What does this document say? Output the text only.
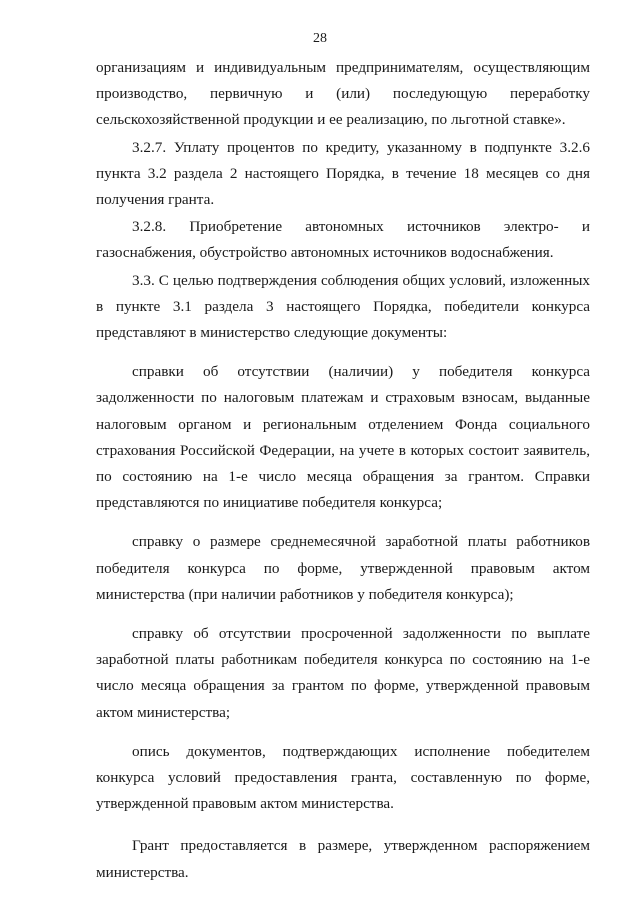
28

организациям и индивидуальным предпринимателям, осуществляющим производство, первичную и (или) последующую переработку сельскохозяйственной продукции и ее реализацию, по льготной ставке».

3.2.7. Уплату процентов по кредиту, указанному в подпункте 3.2.6 пункта 3.2 раздела 2 настоящего Порядка, в течение 18 месяцев со дня получения гранта.

3.2.8. Приобретение автономных источников электро- и газоснабжения, обустройство автономных источников водоснабжения.

3.3. С целью подтверждения соблюдения общих условий, изложенных в пункте 3.1 раздела 3 настоящего Порядка, победители конкурса представляют в министерство следующие документы:

справки об отсутствии (наличии) у победителя конкурса задолженности по налоговым платежам и страховым взносам, выданные налоговым органом и региональным отделением Фонда социального страхования Российской Федерации, на учете в которых состоит заявитель, по состоянию на 1-е число месяца обращения за грантом. Справки представляются по инициативе победителя конкурса;

справку о размере среднемесячной заработной платы работников победителя конкурса по форме, утвержденной правовым актом министерства (при наличии работников у победителя конкурса);

справку об отсутствии просроченной задолженности по выплате заработной платы работникам победителя конкурса по состоянию на 1-е число месяца обращения за грантом по форме, утвержденной правовым актом министерства;

опись документов, подтверждающих исполнение победителем конкурса условий предоставления гранта, составленную по форме, утвержденной правовым актом министерства.

Грант предоставляется в размере, утвержденном распоряжением министерства.
